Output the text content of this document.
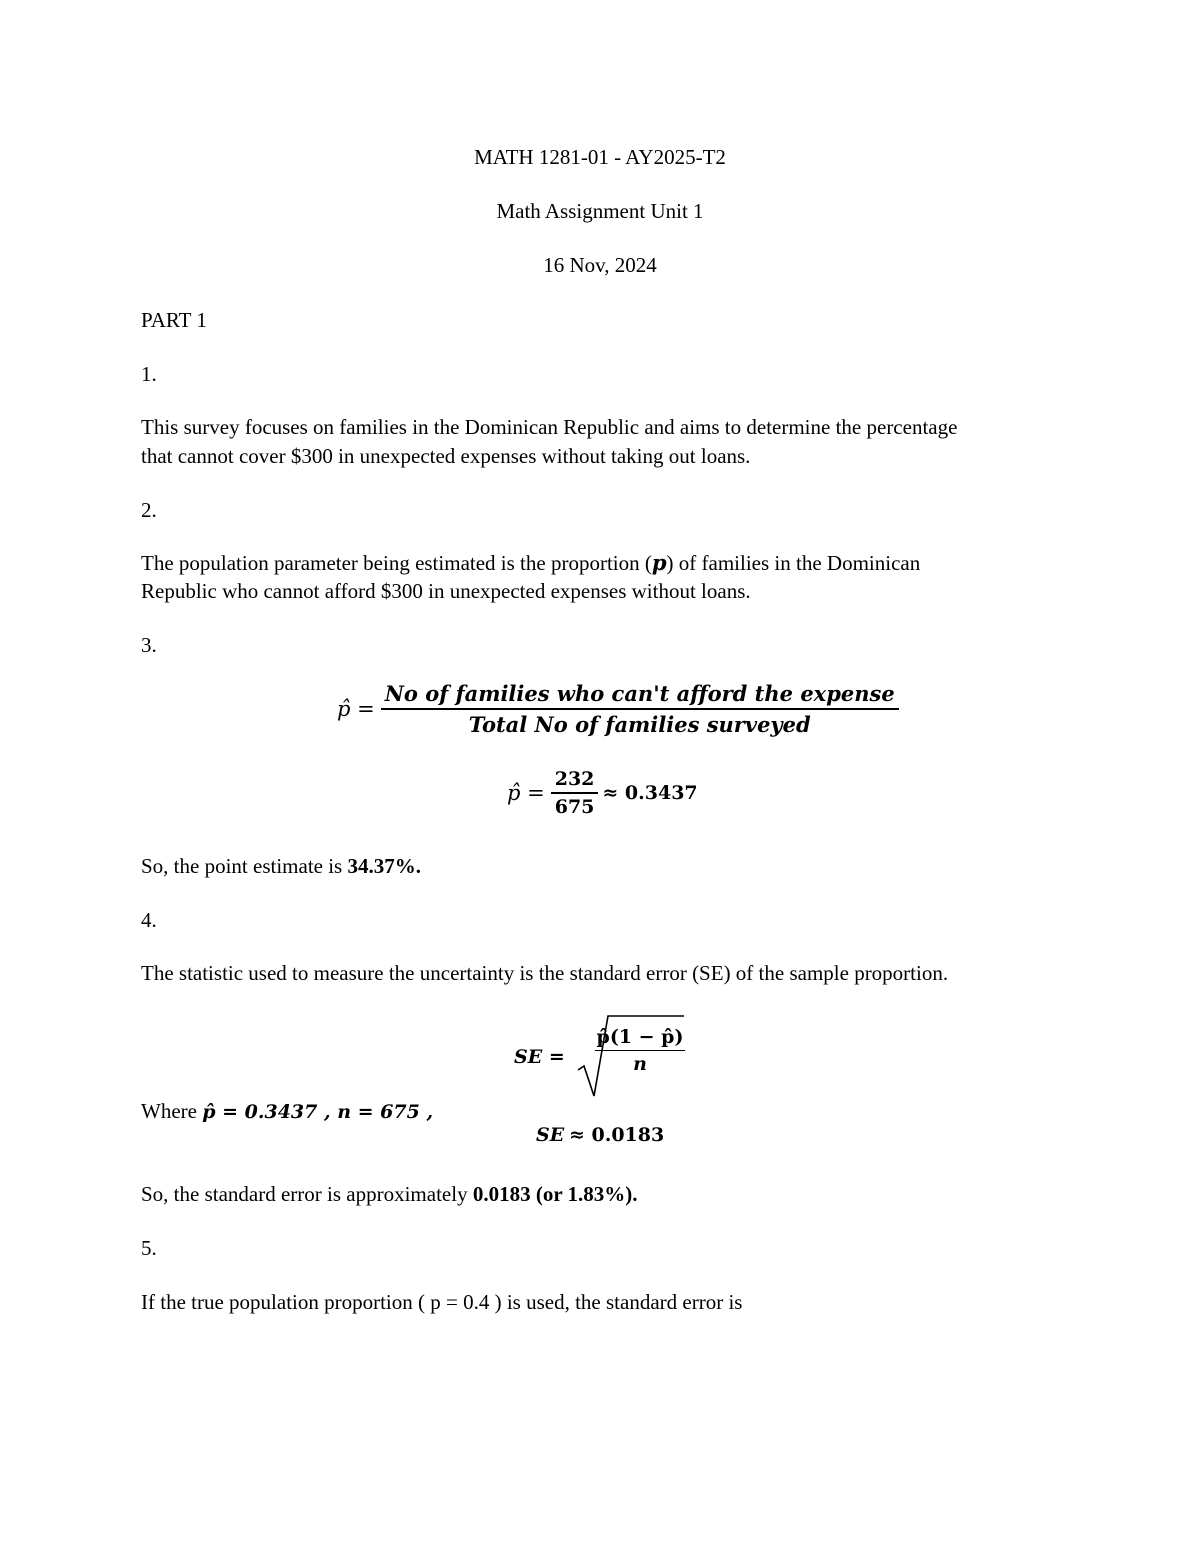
MATH 1281-01 - AY2025-T2
Math Assignment Unit 1
16 Nov, 2024
PART 1
1.
This survey focuses on families in the Dominican Republic and aims to determine the percentage
that cannot cover $300 in unexpected expenses without taking out loans.
2.
The population parameter being estimated is the proportion (p) of families in the Dominican
Republic who cannot afford $300 in unexpected expenses without loans.
3.
p̂ = $\frac{\text{No of families who can't afford the expense}}{\text{Total No of families surveyed}}$
p̂ = $\frac{232}{675} \approx 0.3437$
So, the point estimate is 34.37%.
4.
The statistic used to measure the uncertainty is the standard error (SE) of the sample proportion.
SE = $\frac{p̂(1 - p̂)}{n}$
Where p̂ = 0.3437 , n = 675 ,
SE ≈ 0.0183
So, the standard error is approximately 0.0183 (or 1.83%).
5.
If the true population proportion ( p = 0.4 ) is used, the standard error is
